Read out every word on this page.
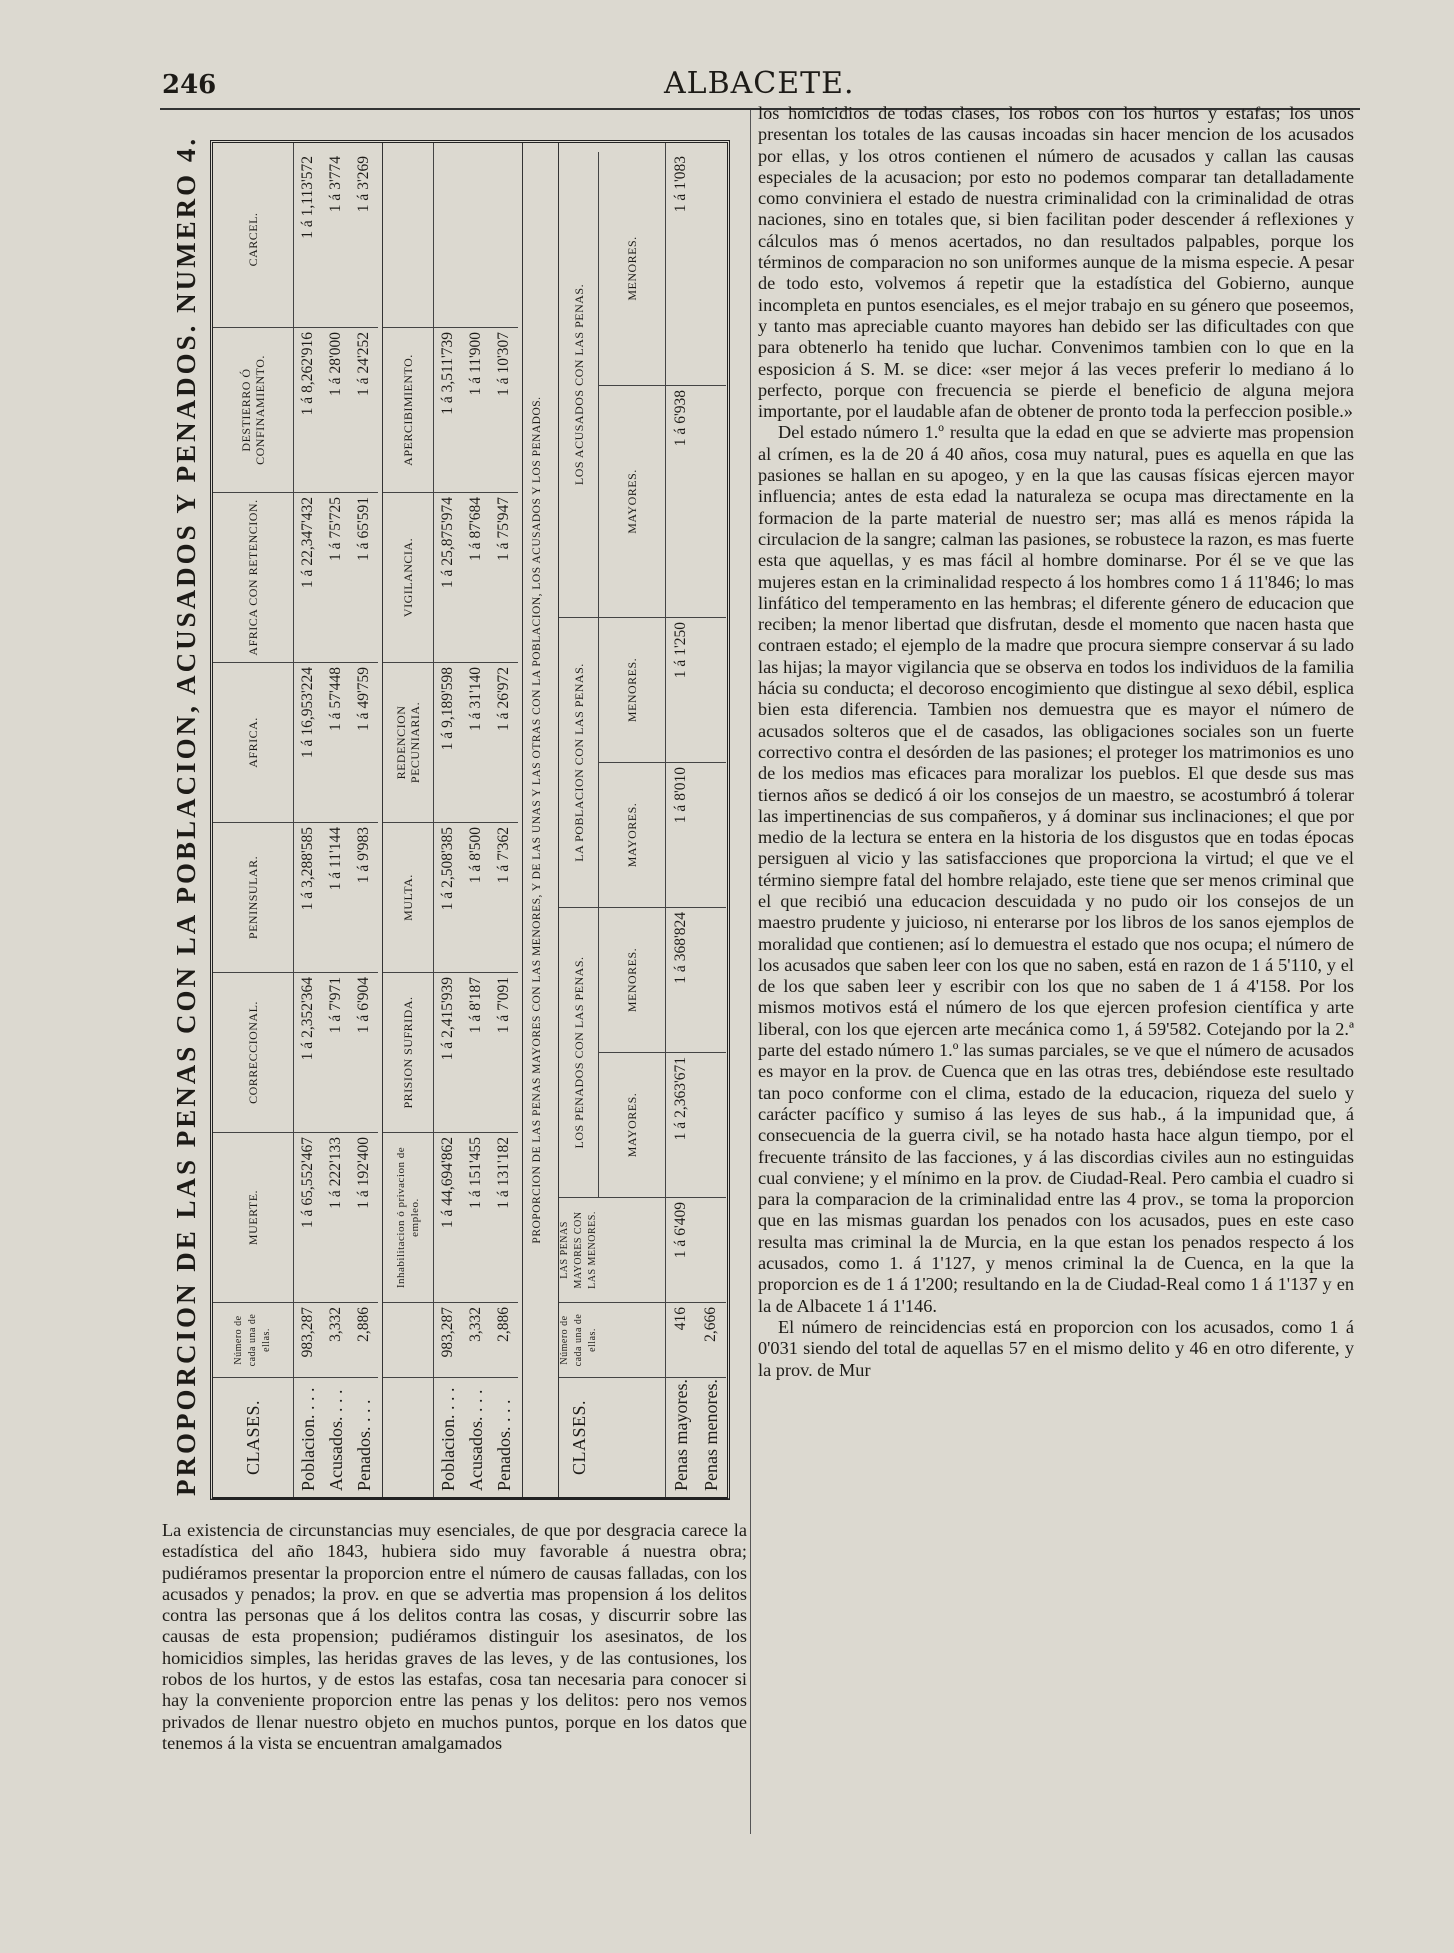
246	ALBACETE.
PROPORCION DE LAS PENAS CON LA POBLACION, ACUSADOS Y PENADOS. NUMERO 4.	CLASES.
Número de cada una de ellas.
MUERTE.
CORRECCIONAL.
PENINSULAR.
AFRICA.
AFRICA CON RETENCION.
DESTIERRO Ó CONFINAMIENTO.
CARCEL.
Poblacion. . . .
983,287
1 á 65,552'467
1 á 2,352'364
1 á 3,288'585
1 á 16,953'224
1 á 22,347'432
1 á 8,262'916
1 á 1,113'572
Acusados. . . .
3,332
1 á 222'133
1 á 7'971
1 á 11'144
1 á 57'448
1 á 75'725
1 á 28'000
1 á 3'774
Penados. . . .
2,886
1 á 192'400
1 á 6'904
1 á 9'983
1 á 49'759
1 á 65'591
1 á 24'252
1 á 3'269
Inhabilitacion ó privacion de empleo.
PRISION SUFRIDA.
MULTA.
REDENCION PECUNIARIA.
VIGILANCIA.
APERCIBIMIENTO.
Poblacion. . . .
983,287
1 á 44,694'862
1 á 2,415'939
1 á 2,508'385
1 á 9,189'598
1 á 25,875'974
1 á 3,511'739
Acusados. . . .
3,332
1 á 151'455
1 á 8'187
1 á 8'500
1 á 31'140
1 á 87'684
1 á 11'900
Penados. . . .
2,886
1 á 131'182
1 á 7'091
1 á 7'362
1 á 26'972
1 á 75'947
1 á 10'307
PROPORCION DE LAS PENAS MAYORES CON LAS MENORES, Y DE LAS UNAS Y LAS OTRAS CON LA POBLACION, LOS ACUSADOS Y LOS PENADOS.
CLASES.
Número de cada una de ellas.
LAS PENAS MAYORES CON LAS MENORES.
LOS PENADOS CON LAS PENAS.
LA POBLACION CON LAS PENAS.
LOS ACUSADOS CON LAS PENAS.
MAYORES.
MENORES.
MAYORES.
MENORES.
MAYORES.
MENORES.
Penas mayores.
416
1 á 6'409
1 á 2,363'671
1 á 368'824
1 á 8'010
1 á 1'250
1 á 6'938
1 á 1'083
Penas menores.
2,666
La existencia de circunstancias muy esenciales, de que por desgracia carece la estadística del año 1843, hubiera sido muy favorable á nuestra obra; pudiéramos presentar la proporcion entre el número de causas falladas, con los acusados y penados; la prov. en que se advertia mas propension á los delitos contra las personas que á los delitos contra las cosas, y discurrir sobre las causas de esta propension; pudiéramos distinguir los asesinatos, de los homicidios simples, las heridas graves de las leves, y de las contusiones, los robos de los hurtos, y de estos las estafas, cosa tan necesaria para conocer si hay la conveniente proporcion entre las penas y los delitos: pero nos vemos privados de llenar nuestro objeto en muchos puntos, porque en los datos que tenemos á la vista se encuentran amalgamados

los homicidios de todas clases, los robos con los hurtos y estafas; los unos presentan los totales de las causas incoadas sin hacer mencion de los acusados por ellas, y los otros contienen el número de acusados y callan las causas especiales de la acusacion; por esto no podemos comparar tan detalladamente como conviniera el estado de nuestra criminalidad con la criminalidad de otras naciones, sino en totales que, si bien facilitan poder descender á reflexiones y cálculos mas ó menos acertados, no dan resultados palpables, porque los términos de comparacion no son uniformes aunque de la misma especie. A pesar de todo esto, volvemos á repetir que la estadística del Gobierno, aunque incompleta en puntos esenciales, es el mejor trabajo en su género que poseemos, y tanto mas apreciable cuanto mayores han debido ser las dificultades con que para obtenerlo ha tenido que luchar. Convenimos tambien con lo que en la esposicion á S. M. se dice: «ser mejor á las veces preferir lo mediano á lo perfecto, porque con frecuencia se pierde el beneficio de alguna mejora importante, por el laudable afan de obtener de pronto toda la perfeccion posible.»

Del estado número 1.º resulta que la edad en que se advierte mas propension al crímen, es la de 20 á 40 años, cosa muy natural, pues es aquella en que las pasiones se hallan en su apogeo, y en la que las causas físicas ejercen mayor influencia; antes de esta edad la naturaleza se ocupa mas directamente en la formacion de la parte material de nuestro ser; mas allá es menos rápida la circulacion de la sangre; calman las pasiones, se robustece la razon, es mas fuerte esta que aquellas, y es mas fácil al hombre dominarse. Por él se ve que las mujeres estan en la criminalidad respecto á los hombres como 1 á 11'846; lo mas linfático del temperamento en las hembras; el diferente género de educacion que reciben; la menor libertad que disfrutan, desde el momento que nacen hasta que contraen estado; el ejemplo de la madre que procura siempre conservar á su lado las hijas; la mayor vigilancia que se observa en todos los individuos de la familia hácia su conducta; el decoroso encogimiento que distingue al sexo débil, esplica bien esta diferencia. Tambien nos demuestra que es mayor el número de acusados solteros que el de casados, las obligaciones sociales son un fuerte correctivo contra el desórden de las pasiones; el proteger los matrimonios es uno de los medios mas eficaces para moralizar los pueblos. El que desde sus mas tiernos años se dedicó á oir los consejos de un maestro, se acostumbró á tolerar las impertinencias de sus compañeros, y á dominar sus inclinaciones; el que por medio de la lectura se entera en la historia de los disgustos que en todas épocas persiguen al vicio y las satisfacciones que proporciona la virtud; el que ve el término siempre fatal del hombre relajado, este tiene que ser menos criminal que el que recibió una educacion descuidada y no pudo oir los consejos de un maestro prudente y juicioso, ni enterarse por los libros de los sanos ejemplos de moralidad que contienen; así lo demuestra el estado que nos ocupa; el número de los acusados que saben leer con los que no saben, está en razon de 1 á 5'110, y el de los que saben leer y escribir con los que no saben de 1 á 4'158. Por los mismos motivos está el número de los que ejercen profesion científica y arte liberal, con los que ejercen arte mecánica como 1, á 59'582. Cotejando por la 2.ª parte del estado número 1.º las sumas parciales, se ve que el número de acusados es mayor en la prov. de Cuenca que en las otras tres, debiéndose este resultado tan poco conforme con el clima, estado de la educacion, riqueza del suelo y carácter pacífico y sumiso á las leyes de sus hab., á la impunidad que, á consecuencia de la guerra civil, se ha notado hasta hace algun tiempo, por el frecuente tránsito de las facciones, y á las discordias civiles aun no estinguidas cual conviene; y el mínimo en la prov. de Ciudad-Real. Pero cambia el cuadro si para la comparacion de la criminalidad entre las 4 prov., se toma la proporcion que en las mismas guardan los penados con los acusados, pues en este caso resulta mas criminal la de Murcia, en la que estan los penados respecto á los acusados, como 1. á 1'127, y menos criminal la de Cuenca, en la que la proporcion es de 1 á 1'200; resultando en la de Ciudad-Real como 1 á 1'137 y en la de Albacete 1 á 1'146.

El número de reincidencias está en proporcion con los acusados, como 1 á 0'031 siendo del total de aquellas 57 en el mismo delito y 46 en otro diferente, y la prov. de Mur
